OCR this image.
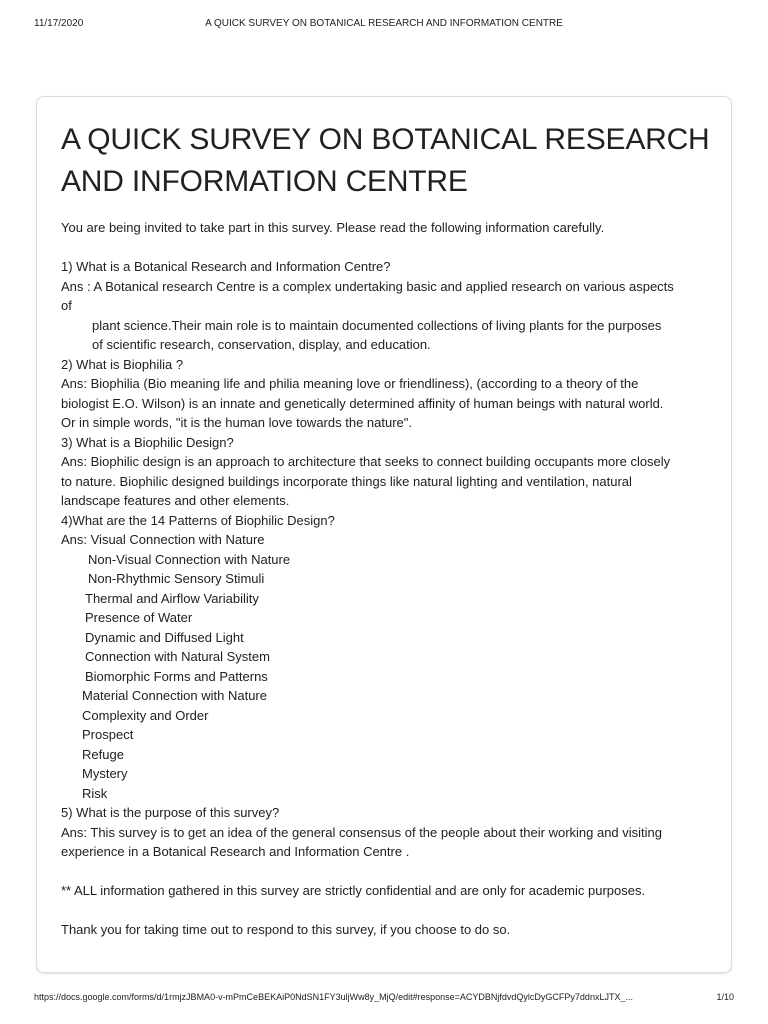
11/17/2020	A QUICK SURVEY ON BOTANICAL RESEARCH AND INFORMATION CENTRE
A QUICK SURVEY ON BOTANICAL RESEARCH
AND INFORMATION CENTRE
You are being invited to take part in this survey. Please read the following information carefully.
1) What is a Botanical Research and Information Centre?
Ans : A Botanical research Centre is a complex undertaking basic and applied research on various aspects
of
plant science.Their main role is to maintain documented collections of living plants for the purposes
of scientific research, conservation, display, and education.
2) What is Biophilia ?
Ans: Biophilia (Bio meaning life and philia meaning love or friendliness), (according to a theory of the
biologist E.O. Wilson) is an innate and genetically determined affinity of human beings with natural world.
Or in simple words, "it is the human love towards the nature".
3) What is a Biophilic Design?
Ans: Biophilic design is an approach to architecture that seeks to connect building occupants more closely
to nature. Biophilic designed buildings incorporate things like natural lighting and ventilation, natural
landscape features and other elements.
4)What are the 14 Patterns of Biophilic Design?
Ans: Visual Connection with Nature
Non-Visual Connection with Nature
Non-Rhythmic Sensory Stimuli
Thermal and Airflow Variability
Presence of Water
Dynamic and Diffused Light
Connection with Natural System
Biomorphic Forms and Patterns
Material Connection with Nature
Complexity and Order
Prospect
Refuge
Mystery
Risk
5) What is the purpose of this survey?
Ans: This survey is to get an idea of the general consensus of the people about their working and visiting
experience in a Botanical Research and Information Centre .
** ALL information gathered in this survey are strictly confidential and are only for academic purposes.
Thank you for taking time out to respond to this survey, if you choose to do so.
https://docs.google.com/forms/d/1rmjzJBMA0-v-mPmCeBEKAiP0NdSN1FY3uljWw8y_MjQ/edit#response=ACYDBNjfdvdQylcDyGCFPy7ddnxLJTX_...	1/10
